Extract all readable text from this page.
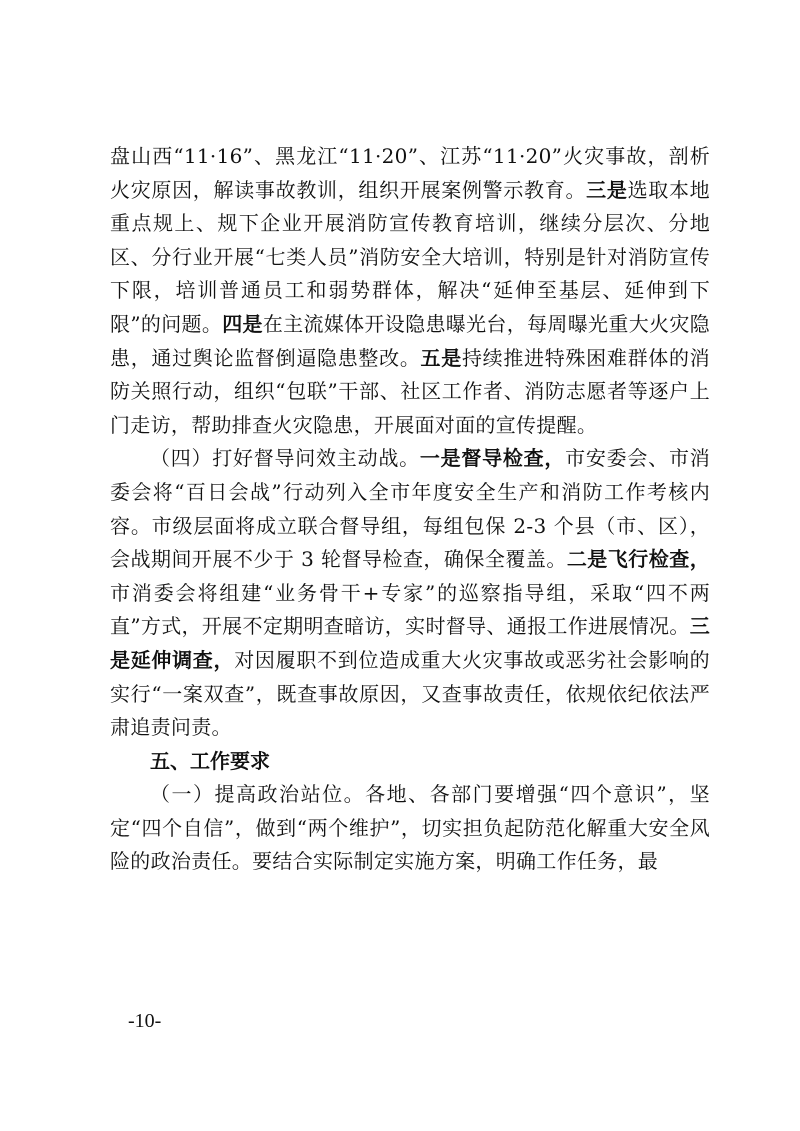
盘山西“11·16”、黑龙江“11·20”、江苏“11·20”火灾事故，剖析火灾原因，解读事故教训，组织开展案例警示教育。三是选取本地重点规上、规下企业开展消防宣传教育培训，继续分层次、分地区、分行业开展“七类人员”消防安全大培训，特别是针对消防宣传下限，培训普通员工和弱势群体，解决“延伸至基层、延伸到下限”的问题。四是在主流媒体开设隐患曝光台，每周曝光重大火灾隐患，通过舆论监督倒逼隐患整改。五是持续推进特殊困难群体的消防关照行动，组织“包联”干部、社区工作者、消防志愿者等逐户上门走访，帮助排查火灾隐患，开展面对面的宣传提醒。

（四）打好督导问效主动战。一是督导检查，市安委会、市消委会将“百日会战”行动列入全市年度安全生产和消防工作考核内容。市级层面将成立联合督导组，每组包保 2-3 个县（市、区），会战期间开展不少于 3 轮督导检查，确保全覆盖。二是飞行检查，市消委会将组建“业务骨干+专家”的巡察指导组，采取“四不两直”方式，开展不定期明查暗访，实时督导、通报工作进展情况。三是延伸调查，对因履职不到位造成重大火灾事故或恶劣社会影响的实行“一案双查”，既查事故原因，又查事故责任，依规依纪依法严肃追责问责。

五、工作要求

（一）提高政治站位。各地、各部门要增强“四个意识”，坚定“四个自信”，做到“两个维护”，切实担负起防范化解重大安全风险的政治责任。要结合实际制定实施方案，明确工作任务，最

-10-
